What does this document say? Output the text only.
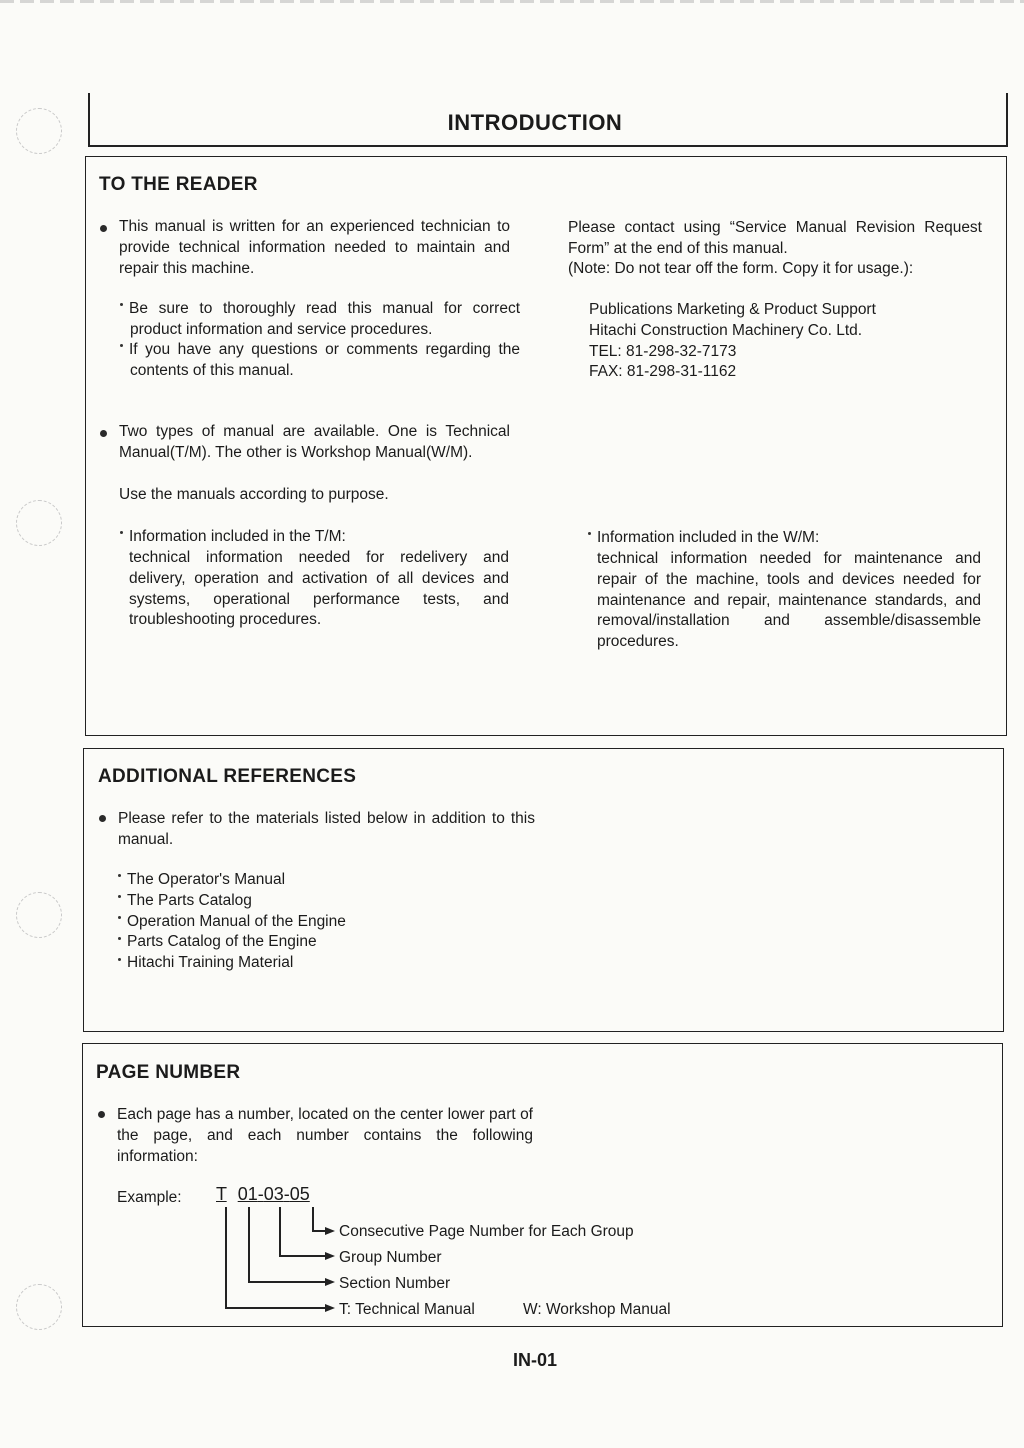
INTRODUCTION
TO THE READER
This manual is written for an experienced technician to provide technical information needed to maintain and repair this machine.
Be sure to thoroughly read this manual for correct product information and service procedures.
If you have any questions or comments regarding the contents of this manual.
Please contact using “Service Manual Revision Request Form” at the end of this manual.
(Note: Do not tear off the form. Copy it for usage.):
Publications Marketing & Product Support
Hitachi Construction Machinery Co. Ltd.
TEL: 81-298-32-7173
FAX: 81-298-31-1162
Two types of manual are available. One is Technical Manual(T/M). The other is Workshop Manual(W/M).
Use the manuals according to purpose.
Information included in the T/M:
technical information needed for redelivery and delivery, operation and activation of all devices and systems, operational performance tests, and troubleshooting procedures.
Information included in the W/M:
technical information needed for maintenance and repair of the machine, tools and devices needed for maintenance and repair, maintenance standards, and removal/installation and assemble/disassemble procedures.
ADDITIONAL REFERENCES
Please refer to the materials listed below in addition to this manual.
The Operator's Manual
The Parts Catalog
Operation Manual of the Engine
Parts Catalog of the Engine
Hitachi Training Material
PAGE NUMBER
Each page has a number, located on the center lower part of the page, and each number contains the following information:
Example: T 01-03-05
Consecutive Page Number for Each Group
Group Number
Section Number
T: Technical Manual	W: Workshop Manual
IN-01
